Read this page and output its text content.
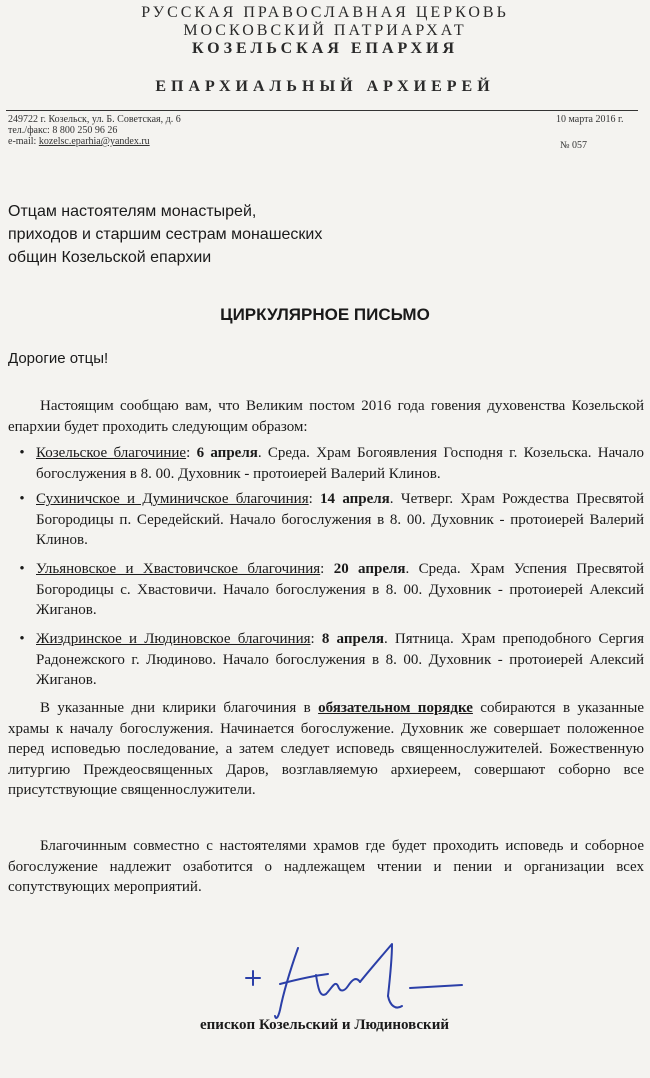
РУССКАЯ ПРАВОСЛАВНАЯ ЦЕРКОВЬ
МОСКОВСКИЙ ПАТРИАРХАТ
КОЗЕЛЬСКАЯ ЕПАРХИЯ
ЕПАРХИАЛЬНЫЙ АРХИЕРЕЙ
249722 г. Козельск, ул. Б. Советская, д. 6
тел./факс: 8 800 250 96 26
e-mail: kozelsc.eparhia@yandex.ru
10 марта 2016 г.
№ 057
Отцам настоятелям монастырей,
приходов и старшим сестрам монашеских
общин Козельской епархии
ЦИРКУЛЯРНОЕ ПИСЬМО
Дорогие отцы!
Настоящим сообщаю вам, что Великим постом 2016 года говения духовенства Козельской епархии будет проходить следующим образом:
• Козельское благочиние: 6 апреля. Среда. Храм Богоявления Господня г. Козельска. Начало богослужения в 8. 00. Духовник - протоиерей Валерий Клинов.
• Сухиничское и Думиничское благочиния: 14 апреля. Четверг. Храм Рождества Пресвятой Богородицы п. Середейский. Начало богослужения в 8. 00. Духовник - протоиерей Валерий Клинов.
• Ульяновское и Хвастовичское благочиния: 20 апреля. Среда. Храм Успения Пресвятой Богородицы с. Хвастовичи. Начало богослужения в 8. 00. Духовник - протоиерей Алексий Жиганов.
• Жиздринское и Людиновское благочиния: 8 апреля. Пятница. Храм преподобного Сергия Радонежского г. Людиново. Начало богослужения в 8. 00. Духовник - протоиерей Алексий Жиганов.
В указанные дни клирики благочиния в обязательном порядке собираются в указанные храмы к началу богослужения. Начинается богослужение. Духовник же совершает положенное перед исповедью последование, а затем следует исповедь священнослужителей. Божественную литургию Преждеосвященных Даров, возглавляемую архиереем, совершают соборно все присутствующие священнослужители.
Благочинным совместно с настоятелями храмов где будет проходить исповедь и соборное богослужение надлежит озаботится о надлежащем чтении и пении и организации всех сопутствующих мероприятий.
епископ Козельский и Людиновский
